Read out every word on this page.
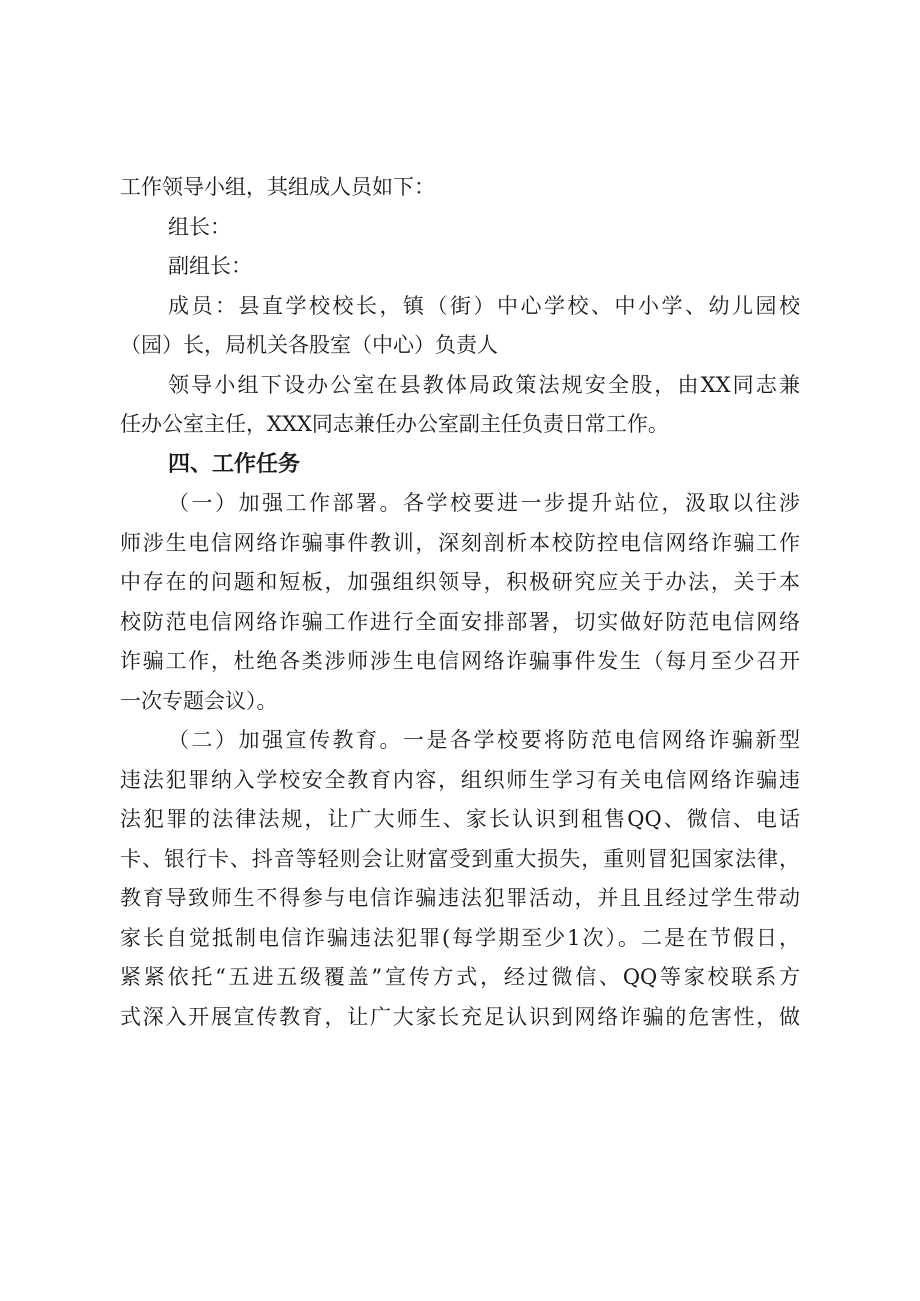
工作领导小组，其组成人员如下：
组长：
副组长：
成员：县直学校校长，镇（街）中心学校、中小学、幼儿园校
（园）长，局机关各股室（中心）负责人
领导小组下设办公室在县教体局政策法规安全股，由XX同志兼
任办公室主任，XXX同志兼任办公室副主任负责日常工作。
四、工作任务
（一）加强工作部署。各学校要进一步提升站位，汲取以往涉
师涉生电信网络诈骗事件教训，深刻剖析本校防控电信网络诈骗工作
中存在的问题和短板，加强组织领导，积极研究应关于办法，关于本
校防范电信网络诈骗工作进行全面安排部署，切实做好防范电信网络
诈骗工作，杜绝各类涉师涉生电信网络诈骗事件发生（每月至少召开
一次专题会议）。
（二）加强宣传教育。一是各学校要将防范电信网络诈骗新型
违法犯罪纳入学校安全教育内容，组织师生学习有关电信网络诈骗违
法犯罪的法律法规，让广大师生、家长认识到租售QQ、微信、电话
卡、银行卡、抖音等轻则会让财富受到重大损失，重则冒犯国家法律，
教育导致师生不得参与电信诈骗违法犯罪活动，并且且经过学生带动
家长自觉抵制电信诈骗违法犯罪(每学期至少1次）。二是在节假日，
紧紧依托“五进五级覆盖”宣传方式，经过微信、QQ等家校联系方
式深入开展宣传教育，让广大家长充足认识到网络诈骗的危害性，做
